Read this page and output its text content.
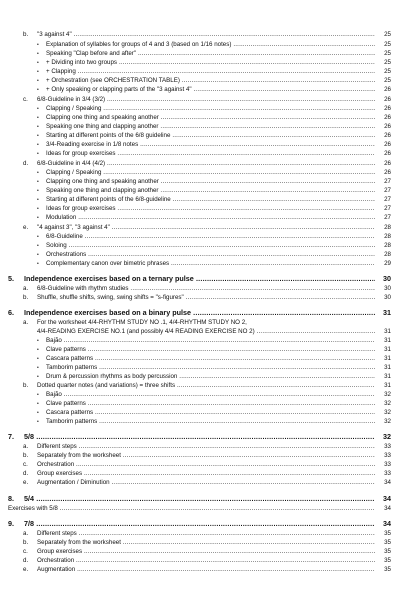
b. "3 against 4" .....	25
• Explanation of syllables for groups of 4 and 3 (based on 1/16 notes) .....	25
• Speaking "Clap before and after" .....	25
• + Dividing into two groups .....	25
• + Clapping .....	25
• + Orchestration (see ORCHESTRATION TABLE) .....	25
• + Only speaking or clapping parts of the "3 against 4" .....	26
c. 6/8-Guideline in 3/4 (3/2) .....	26
• Clapping / Speaking .....	26
• Clapping one thing and speaking another .....	26
• Speaking one thing and clapping another .....	26
• Starting at different points of the 6/8 guideline .....	26
• 3/4-Reading exercise in 1/8 notes .....	26
• Ideas for group exercises .....	26
d. 6/8-Guideline in 4/4 (4/2) .....	26
• Clapping / Speaking .....	26
• Clapping one thing and speaking another .....	27
• Speaking one thing and clapping another .....	27
• Starting at different points of the 6/8-guideline .....	27
• Ideas for group exercises .....	27
• Modulation .....	27
e. "4 against 3", "3 against 4" .....	28
• 6/8-Guideline .....	28
• Soloing .....	28
• Orchestrations .....	28
• Complementary canon over bimetric phrases .....	29
5. Independence exercises based on a ternary pulse .....	30
a. 6/8-Guideline with rhythm studies .....	30
b. Shuffle, shuffle shifts, swing, swing shifts = "s-figures" .....	30
6. Independence exercises based on a binary pulse .....	31
a. For the worksheet 4/4-RHYTHM STUDY NO .1, 4/4-RHYTHM STUDY NO 2,
4/4-READING EXERCISE NO.1 (and possibly 4/4 READING EXERCISE NO 2) .....	31
• Bajão .....	31
• Clave patterns .....	31
• Cascara patterns .....	31
• Tamborim patterns .....	31
• Drum & percussion rhythms as body percussion .....	31
b. Dotted quarter notes (and variations) = three shifts .....	31
• Bajão .....	32
• Clave patterns .....	32
• Cascara patterns .....	32
• Tamborim patterns .....	32
7. 5/8 .....	32
a. Different steps .....	33
b. Separately from the worksheet .....	33
c. Orchestration .....	33
d. Group exercises .....	33
e. Augmentation / Diminution .....	34
8. 5/4 .....	34
Exercises with 5/8 .....	34
9. 7/8 .....	34
a. Different steps .....	35
b. Separately from the worksheet .....	35
c. Group exercises .....	35
d. Orchestration .....	35
e. Augmentation .....	35
